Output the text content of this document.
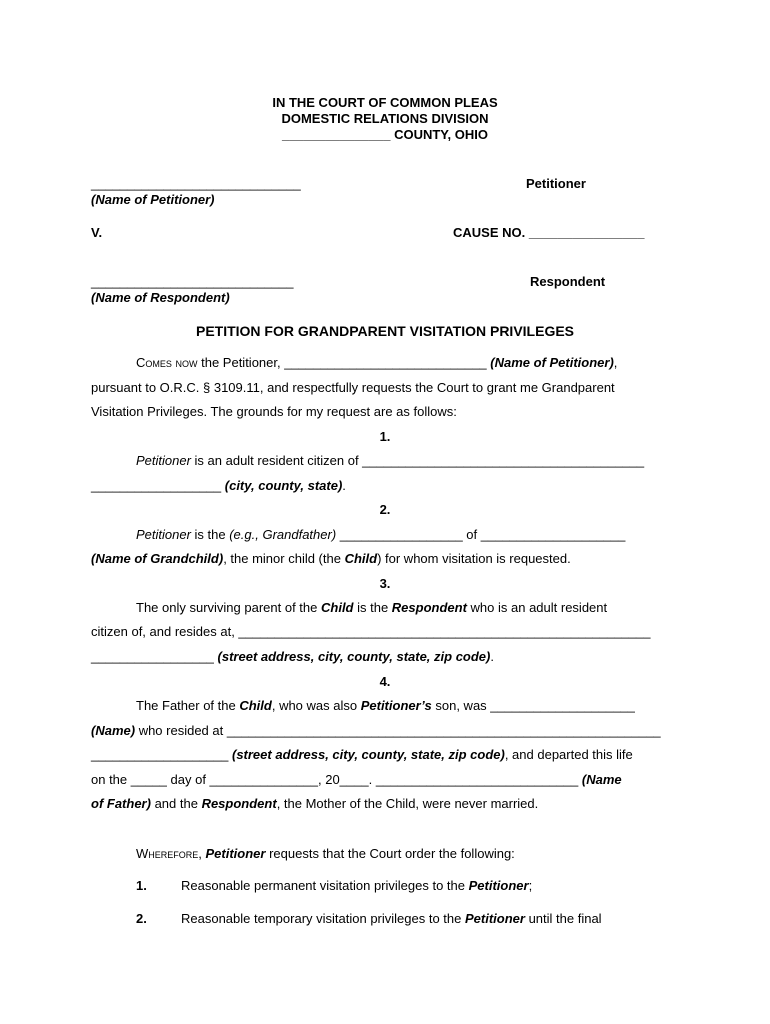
IN THE COURT OF COMMON PLEAS
DOMESTIC RELATIONS DIVISION
_______________ COUNTY, OHIO
_____________________________	Petitioner
(Name of Petitioner)
V.	CAUSE NO. ________________
____________________________	Respondent
(Name of Respondent)
PETITION FOR GRANDPARENT VISITATION PRIVILEGES
Comes now the Petitioner, ____________________________ (Name of Petitioner),
pursuant to O.R.C. § 3109.11, and respectfully requests the Court to grant me Grandparent
Visitation Privileges. The grounds for my request are as follows:
1.
Petitioner is an adult resident citizen of _______________________________________
__________________ (city, county, state).
2.
Petitioner is the (e.g., Grandfather) _________________ of ____________________
(Name of Grandchild), the minor child (the Child) for whom visitation is requested.
3.
The only surviving parent of the Child is the Respondent who is an adult resident
citizen of, and resides at, _________________________________________________________
_________________ (street address, city, county, state, zip code).
4.
The Father of the Child, who was also Petitioner’s son, was ____________________
(Name) who resided at ____________________________________________________________
___________________ (street address, city, county, state, zip code), and departed this life
on the _____ day of _______________, 20____. ____________________________ (Name
of Father) and the Respondent, the Mother of the Child, were never married.
Wherefore, Petitioner requests that the Court order the following:
1.	Reasonable permanent visitation privileges to the Petitioner;
2.	Reasonable temporary visitation privileges to the Petitioner until the final
